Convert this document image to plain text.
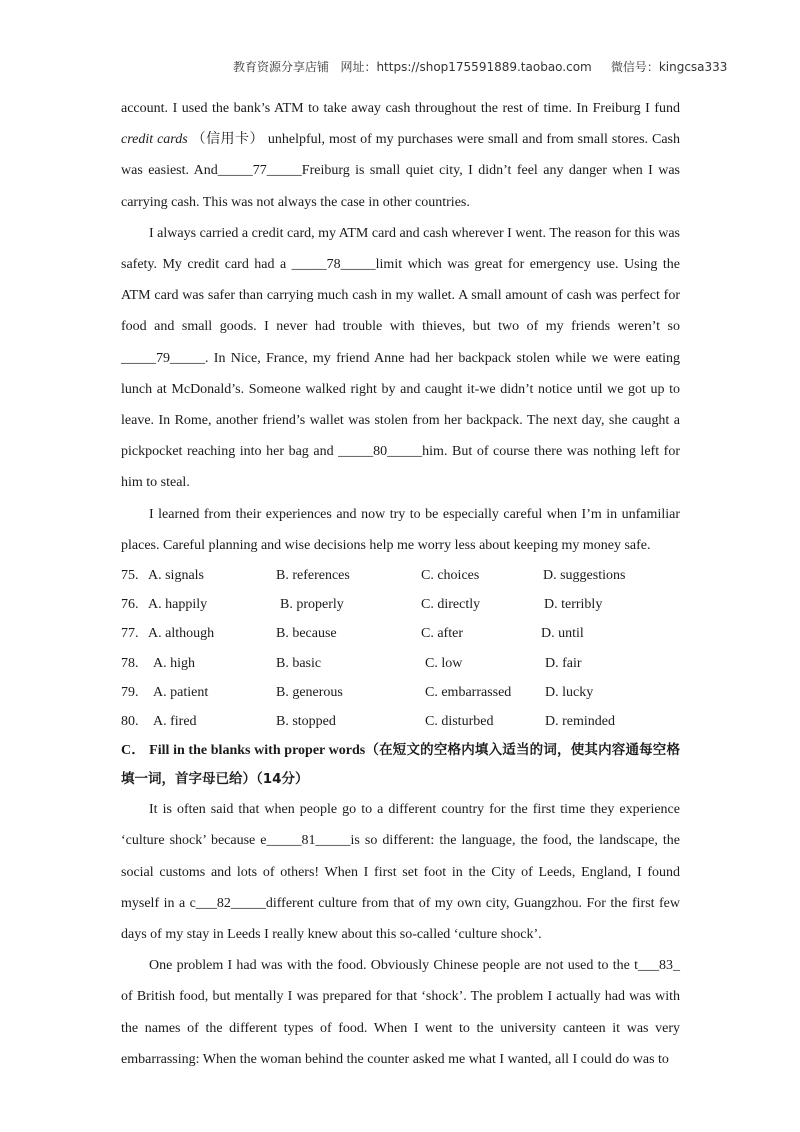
教育资源分享店铺   网址：https://shop175591889.taobao.com     微信号：kingcsa333

account. I used the bank’s ATM to take away cash throughout the rest of time. In Freiburg I fund credit cards （信用卡） unhelpful, most of my purchases were small and from small stores. Cash was easiest. And_____77_____Freiburg is small quiet city, I didn’t feel any danger when I was carrying cash. This was not always the case in other countries.

I always carried a credit card, my ATM card and cash wherever I went. The reason for this was safety. My credit card had a _____78_____limit which was great for emergency use. Using the ATM card was safer than carrying much cash in my wallet. A small amount of cash was perfect for food and small goods. I never had trouble with thieves, but two of my friends weren’t so _____79_____. In Nice, France, my friend Anne had her backpack stolen while we were eating lunch at McDonald’s. Someone walked right by and caught it-we didn’t notice until we got up to leave. In Rome, another friend’s wallet was stolen from her backpack. The next day, she caught a pickpocket reaching into her bag and _____80_____him. But of course there was nothing left for him to steal.

I learned from their experiences and now try to be especially careful when I’m in unfamiliar places. Careful planning and wise decisions help me worry less about keeping my money safe.

75. A. signals	B. references	C. choices	D. suggestions
76. A. happily	B. properly	C. directly	D. terribly
77. A. although	B. because	C. after	D. until
78. A. high	B. basic	C. low	D. fair
79. A. patient	B. generous	C. embarrassed D. lucky
80. A. fired	B. stopped	C. disturbed	D. reminded
C． Fill in the blanks with proper words（在短文的空格内填入适当的词，使其内容通每空格填一词，首字母已给）（14分）

It is often said that when people go to a different country for the first time they experience ‘culture shock’ because e_____81_____is so different: the language, the food, the landscape, the social customs and lots of others! When I first set foot in the City of Leeds, England, I found myself in a c___82_____different culture from that of my own city, Guangzhou. For the first few days of my stay in Leeds I really knew about this so-called ‘culture shock’.

One problem I had was with the food. Obviously Chinese people are not used to the t___83_ of British food, but mentally I was prepared for that ‘shock’. The problem I actually had was with the names of the different types of food. When I went to the university canteen it was very embarrassing: When the woman behind the counter asked me what I wanted, all I could do was to
